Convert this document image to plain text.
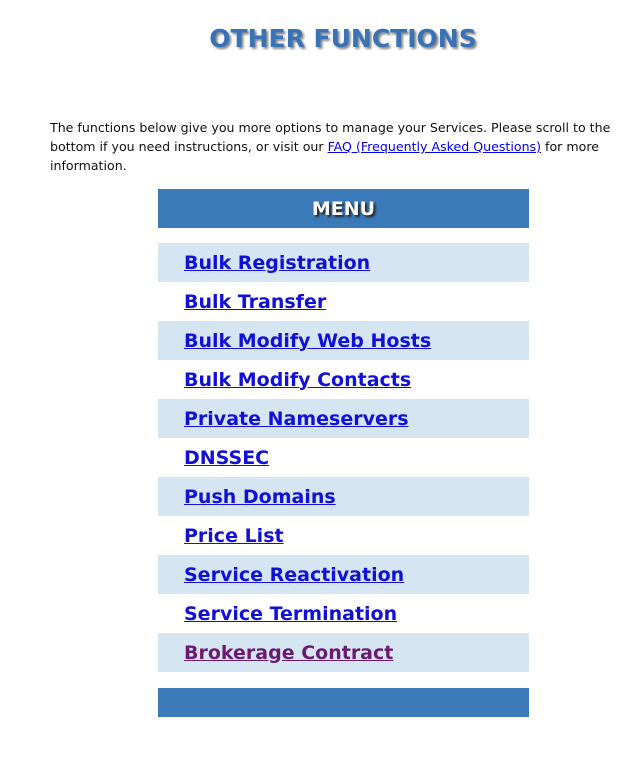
OTHER FUNCTIONS

The functions below give you more options to manage your Services. Please scroll to the bottom if you need instructions, or visit our FAQ (Frequently Asked Questions) for more information.

MENU
Bulk Registration
Bulk Transfer
Bulk Modify Web Hosts
Bulk Modify Contacts
Private Nameservers
DNSSEC
Push Domains
Price List
Service Reactivation
Service Termination
Brokerage Contract
